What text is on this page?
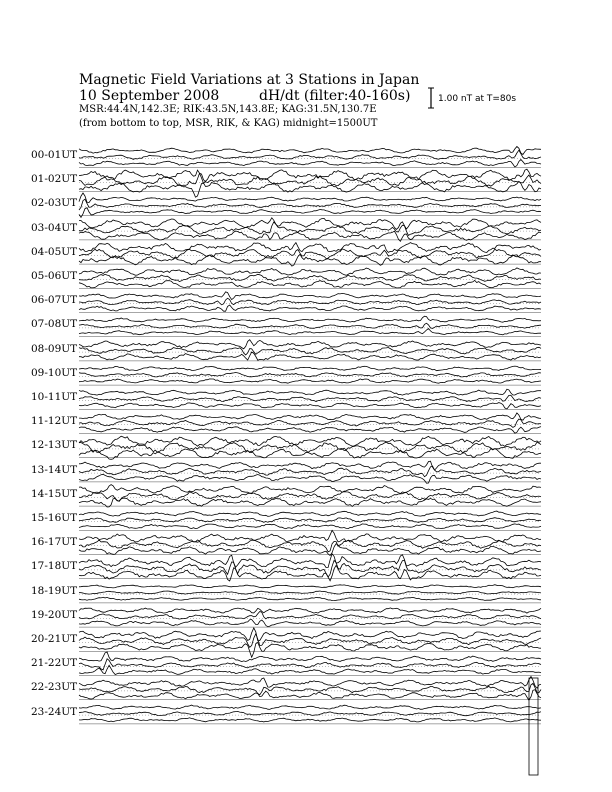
Magnetic Field Variations at 3 Stations in Japan
10 September 2008	dH/dt (filter:40-160s)
MSR:44.4N,142.3E; RIK:43.5N,143.8E; KAG:31.5N,130.7E
(from bottom to top, MSR, RIK, & KAG) midnight=1500UT
1.00 nT at T=80s
00-01UT
01-02UT
02-03UT
03-04UT
04-05UT
05-06UT
06-07UT
07-08UT
08-09UT
09-10UT
10-11UT
11-12UT
12-13UT
13-14UT
14-15UT
15-16UT
16-17UT
17-18UT
18-19UT
19-20UT
20-21UT
21-22UT
22-23UT
23-24UT
